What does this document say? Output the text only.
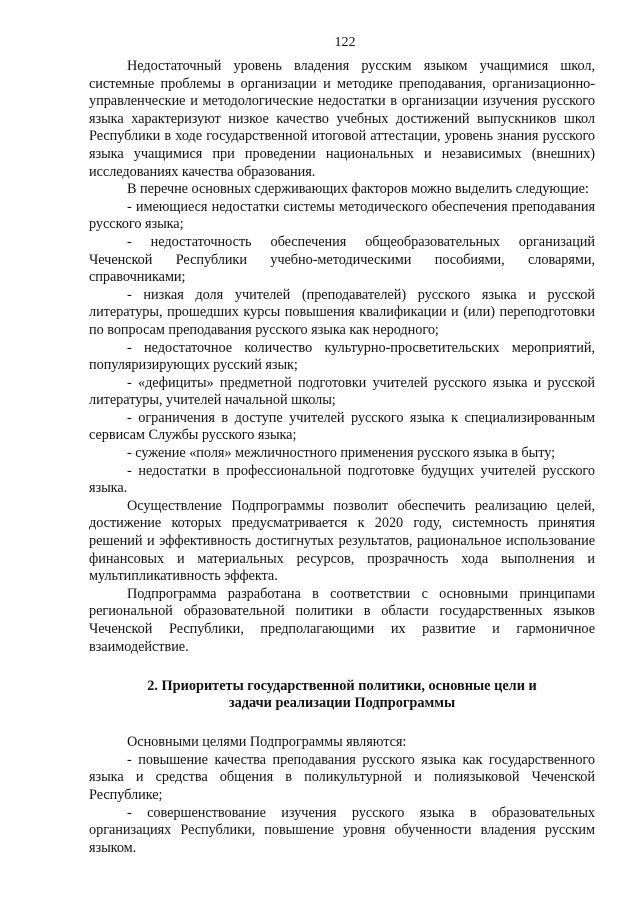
122

Недостаточный уровень владения русским языком учащимися школ, системные проблемы в организации и методике преподавания, организационно-управленческие и методологические недостатки в организации изучения русского языка характеризуют низкое качество учебных достижений выпускников школ Республики в ходе государственной итоговой аттестации, уровень знания русского языка учащимися при проведении национальных и независимых (внешних) исследованиях качества образования.

В перечне основных сдерживающих факторов можно выделить следующие:

- имеющиеся недостатки системы методического обеспечения преподавания русского языка;

- недостаточность обеспечения общеобразовательных организаций Чеченской Республики учебно-методическими пособиями, словарями, справочниками;

- низкая доля учителей (преподавателей) русского языка и русской литературы, прошедших курсы повышения квалификации и (или) переподготовки по вопросам преподавания русского языка как неродного;

- недостаточное количество культурно-просветительских мероприятий, популяризирующих русский язык;

- «дефициты» предметной подготовки учителей русского языка и русской литературы, учителей начальной школы;

- ограничения в доступе учителей русского языка к специализированным сервисам Службы русского языка;

- сужение «поля» межличностного применения русского языка в быту;

- недостатки в профессиональной подготовке будущих учителей русского языка.

Осуществление Подпрограммы позволит обеспечить реализацию целей, достижение которых предусматривается к 2020 году, системность принятия решений и эффективность достигнутых результатов, рациональное использование финансовых и материальных ресурсов, прозрачность хода выполнения и мультипликативность эффекта.

Подпрограмма разработана в соответствии с основными принципами региональной образовательной политики в области государственных языков Чеченской Республики, предполагающими их развитие и гармоничное взаимодействие.

2. Приоритеты государственной политики, основные цели и
задачи реализации Подпрограммы

Основными целями Подпрограммы являются:

- повышение качества преподавания русского языка как государственного языка и средства общения в поликультурной и полиязыковой Чеченской Республике;

- совершенствование изучения русского языка в образовательных организациях Республики, повышение уровня обученности владения русским языком.
